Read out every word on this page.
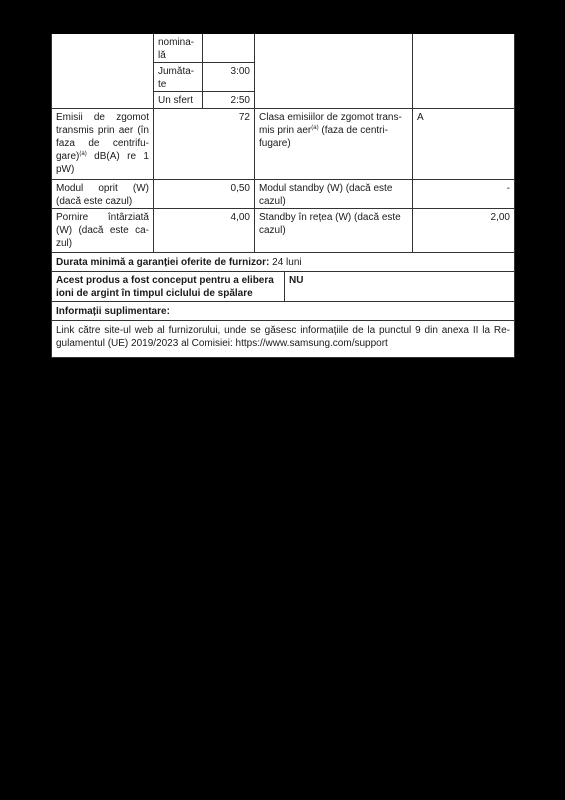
nomina-lă
Jumăta-te
3:00
Un sfert	2:50
Emisii de zgomot transmis prin aer (în faza de centrifu-gare)$^{(a)}$ dB(A) re 1 pW)
72 Clasa emisiilor de zgomot trans-mis prin aer$^{(a)}$ (faza de centri-fugare)
A
Modul oprit (W) (dacă este cazul)
0,50 Modul standby (W) (dacă este cazul)
-
Pornire întârziată (W) (dacă este ca-zul)
4,00 Standby în rețea (W) (dacă este cazul)
2,00
Durata minimă a garanției oferite de furnizor: 24 luni
Acest produs a fost conceput pentru a elibera ioni de argint în timpul ciclului de spălare
NU
Informații suplimentare:
Link către site-ul web al furnizorului, unde se găsesc informațiile de la punctul 9 din anexa II la Re-gulamentul (UE) 2019/2023 al Comisiei: https://www.samsung.com/support
